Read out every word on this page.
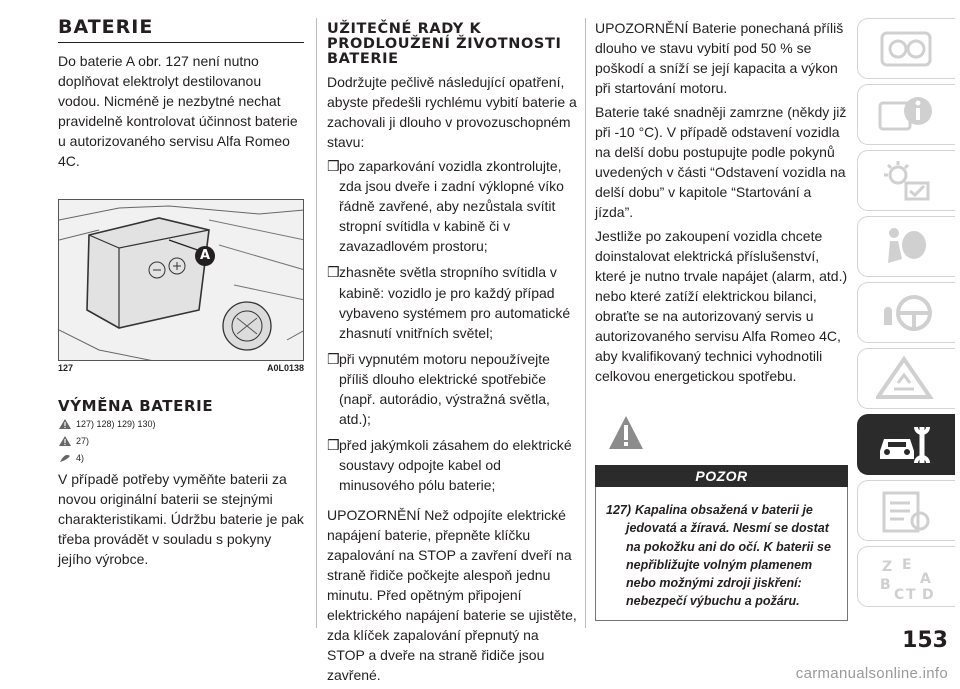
BATERIE

Do baterie A obr. 127 není nutno doplňovat elektrolyt destilovanou vodou. Nicméně je nezbytné nechat pravidelně kontrolovat účinnost baterie u autorizovaného servisu Alfa Romeo 4C.

A
127	A0L0138
VÝMĚNA BATERIE
127) 128) 129) 130)
27)
4)

V případě potřeby vyměňte baterii za novou originální baterii se stejnými charakteristikami. Údržbu baterie je pak třeba provádět v souladu s pokyny jejího výrobce.

UŽITEČNÉ RADY K PRODLOUŽENÍ ŽIVOTNOSTI BATERIE

Dodržujte pečlivě následující opatření, abyste předešli rychlému vybití baterie a zachovali ji dlouho v provozuschopném stavu:

❒ po zaparkování vozidla zkontrolujte, zda jsou dveře i zadní výklopné víko řádně zavřené, aby nezůstala svítit stropní svítidla v kabině či v zavazadlovém prostoru;
❒ zhasněte světla stropního svítidla v kabině: vozidlo je pro každý případ vybaveno systémem pro automatické zhasnutí vnitřních světel;
❒ při vypnutém motoru nepoužívejte příliš dlouho elektrické spotřebiče (např. autorádio, výstražná světla, atd.);
❒ před jakýmkoli zásahem do elektrické soustavy odpojte kabel od minusového pólu baterie;

UPOZORNĚNÍ Než odpojíte elektrické napájení baterie, přepněte klíčku zapalování na STOP a zavření dveří na straně řidiče počkejte alespoň jednu minutu. Před opětným připojení elektrického napájení baterie se ujistěte, zda klíček zapalování přepnutý na STOP a dveře na straně řidiče jsou zavřené.

UPOZORNĚNÍ Baterie ponechaná příliš dlouho ve stavu vybití pod 50 % se poškodí a sníží se její kapacita a výkon při startování motoru.

Baterie také snadněji zamrzne (někdy již při -10 °C). V případě odstavení vozidla na delší dobu postupujte podle pokynů uvedených v části “Odstavení vozidla na delší dobu” v kapitole “Startování a jízda”.

Jestliže po zakoupení vozidla chcete doinstalovat elektrická příslušenství, které je nutno trvale napájet (alarm, atd.) nebo které zatíží elektrickou bilanci, obraťte se na autorizovaný servis u autorizovaného servisu Alfa Romeo 4C, aby kvalifikovaný technici vyhodnotili celkovou energetickou spotřebu.

POZOR
127) Kapalina obsažená v baterii je jedovatá a žíravá. Nesmí se dostat na pokožku ani do očí. K baterii se nepřibližujte volným plamenem nebo možnými zdroji jiskření: nebezpečí výbuchu a požáru.
Z E
A
B
C T D
153
carmanualsonline.info
